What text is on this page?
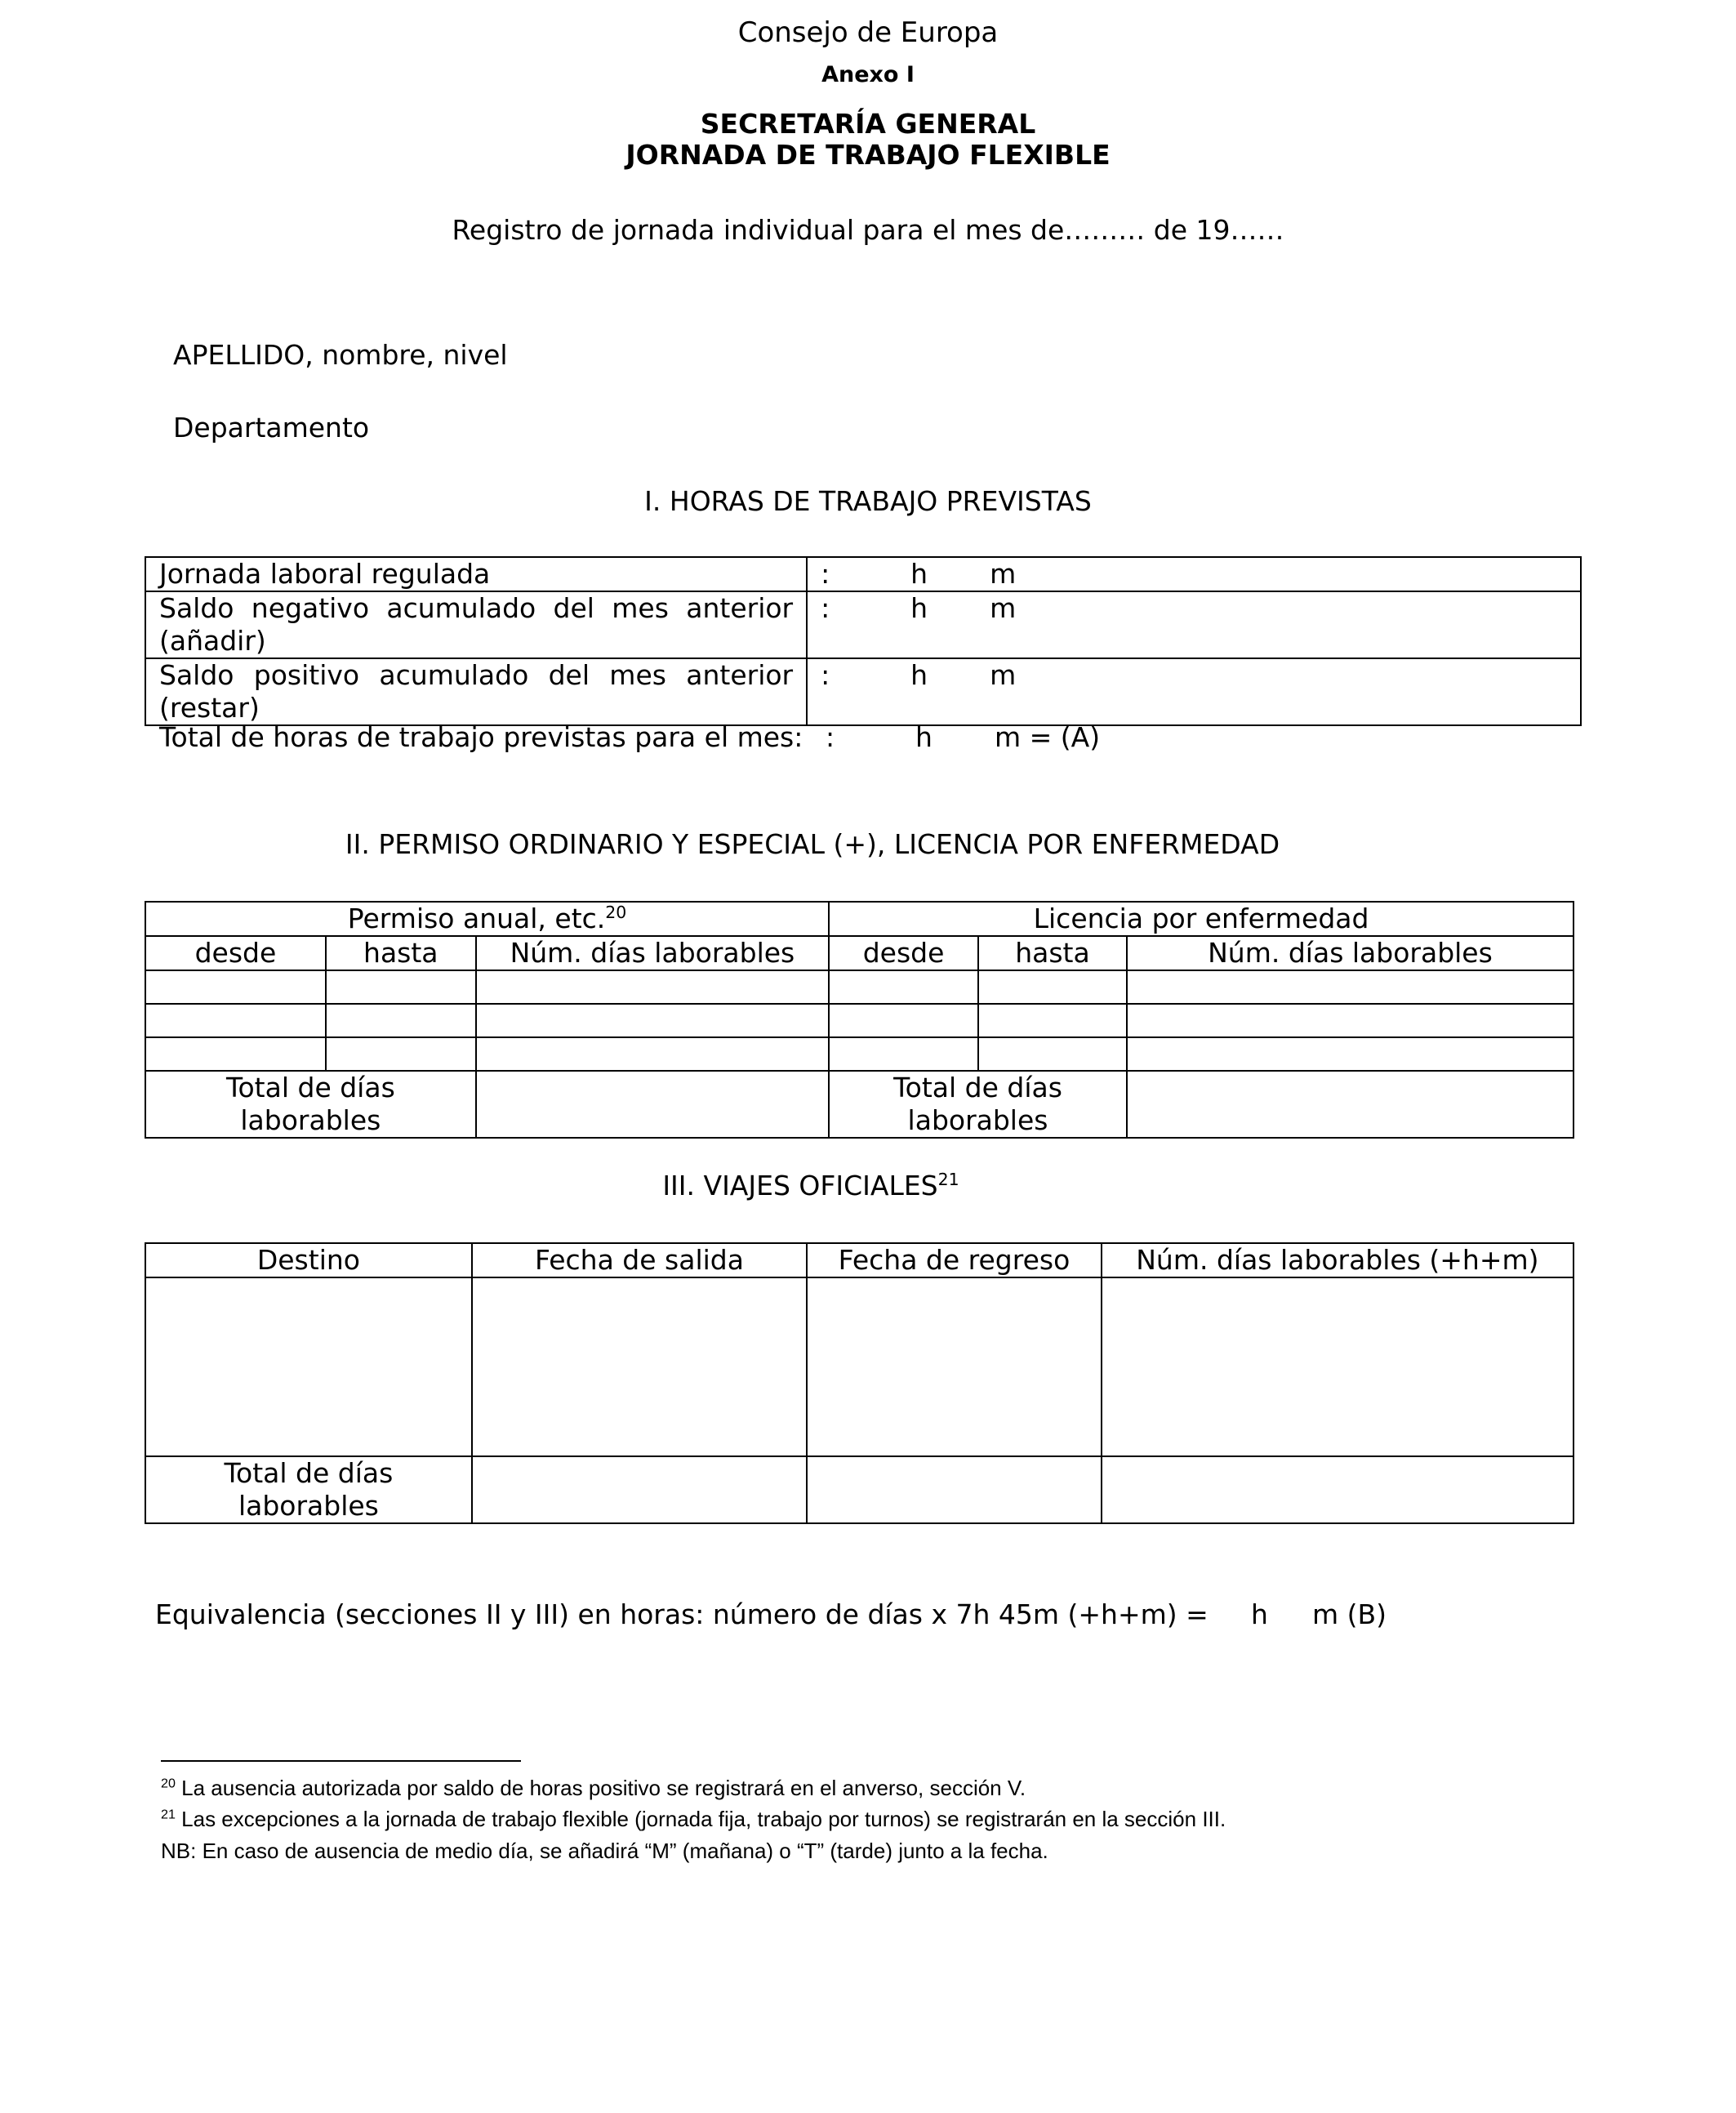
Consejo de Europa
Anexo I
SECRETARÍA GENERAL
JORNADA DE TRABAJO FLEXIBLE
Registro de jornada individual para el mes de……… de 19……
APELLIDO, nombre, nivel
Departamento
I. HORAS DE TRABAJO PREVISTAS
Jornada laboral regulada	: h m
Saldo negativo acumulado del mes anterior (añadir)	: h m
Saldo positivo acumulado del mes anterior (restar)	: h m
Total de horas de trabajo previstas para el mes: :	h m = (A)
II. PERMISO ORDINARIO Y ESPECIAL (+), LICENCIA POR ENFERMEDAD
Permiso anual, etc.$^{20}$			Licencia por enfermedad		
desde	hasta	Núm. días laborables	desde	hasta	Núm. días laborables

Total de días laborables			Total de días laborables		
III. VIAJES OFICIALES$^{21}$
Destino	Fecha de salida	Fecha de regreso	Núm. días laborables (+h+m)

Total de días laborables			
Equivalencia (secciones II y III) en horas: número de días x 7h 45m (+h+m) = h m (B)
$^{20}$ La ausencia autorizada por saldo de horas positivo se registrará en el anverso, sección V.
$^{21}$ Las excepciones a la jornada de trabajo flexible (jornada fija, trabajo por turnos) se registrarán en la sección III.
NB: En caso de ausencia de medio día, se añadirá “M” (mañana) o “T” (tarde) junto a la fecha.
